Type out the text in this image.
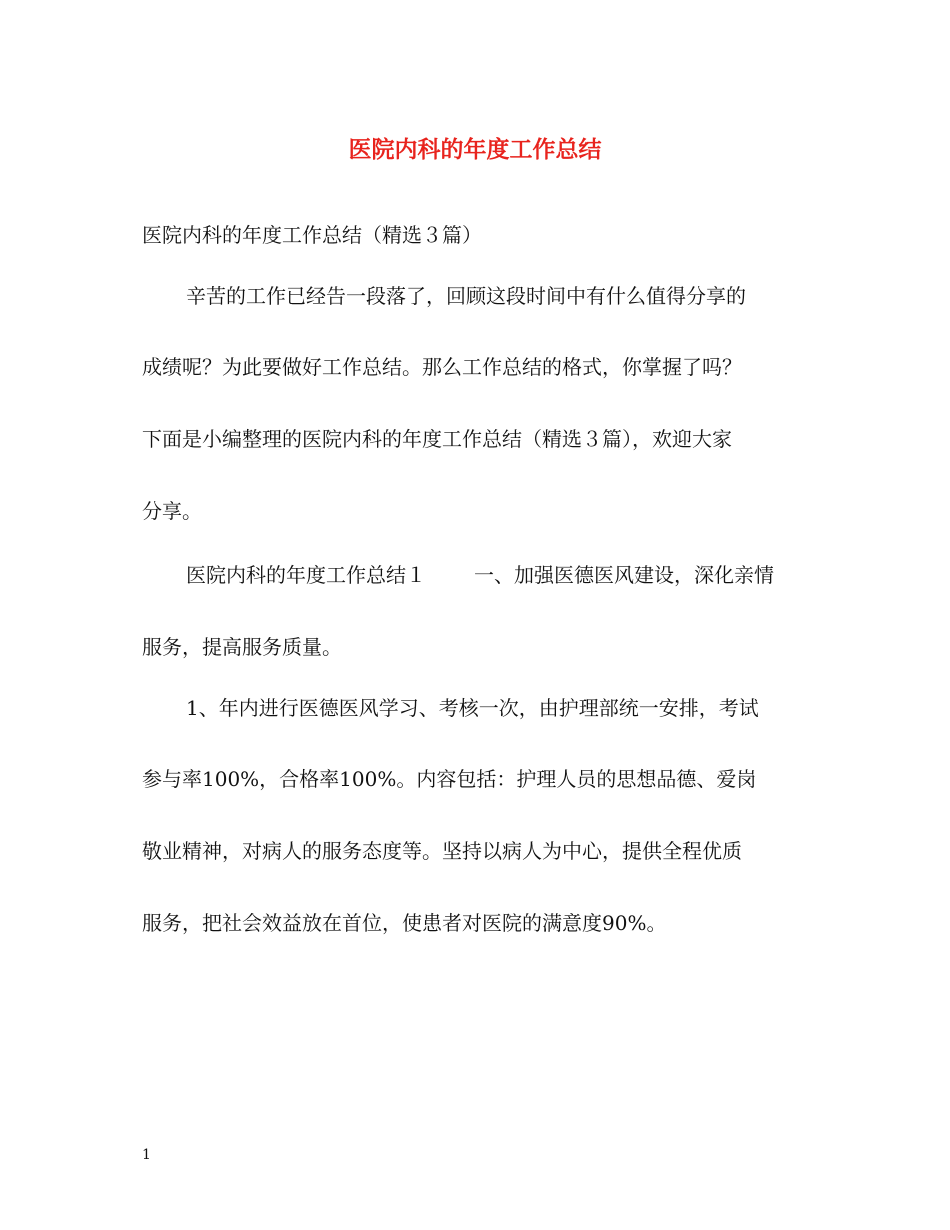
医院内科的年度工作总结
医院内科的年度工作总结（精选３篇）
辛苦的工作已经告一段落了，回顾这段时间中有什么值得分享的
成绩呢？为此要做好工作总结。那么工作总结的格式，你掌握了吗？
下面是小编整理的医院内科的年度工作总结（精选３篇），欢迎大家
分享。
医院内科的年度工作总结１ 一、加强医德医风建设，深化亲情
服务，提高服务质量。
1、年内进行医德医风学习、考核一次，由护理部统一安排，考试
参与率100%，合格率100%。内容包括：护理人员的思想品德、爱岗
敬业精神，对病人的服务态度等。坚持以病人为中心，提供全程优质
服务，把社会效益放在首位，使患者对医院的满意度90%。
1
